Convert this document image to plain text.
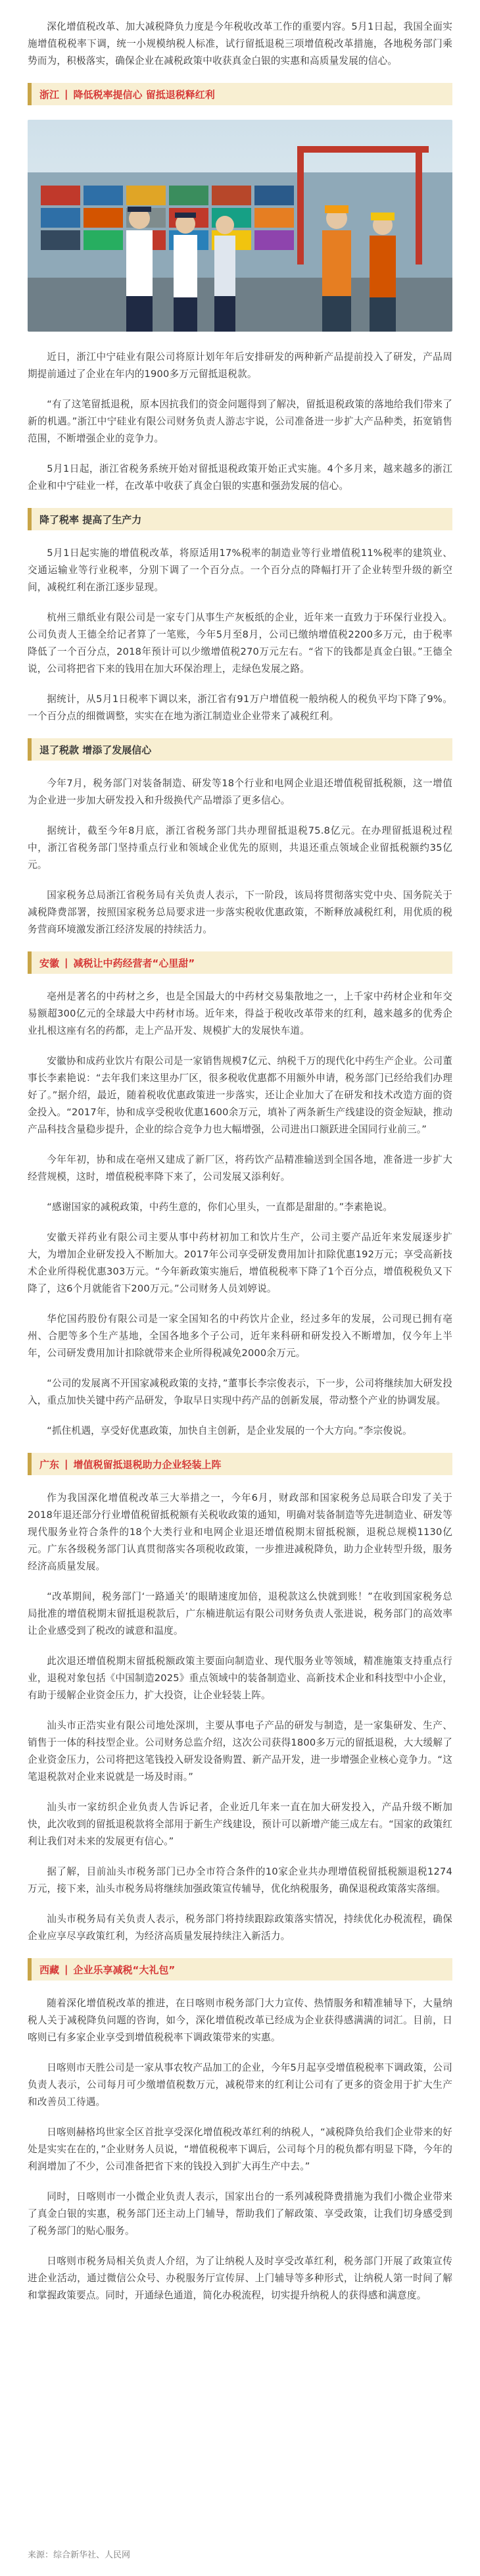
深化增值税改革、加大减税降负力度是今年税收改革工作的重要内容。5月1日起，我国全面实施增值税税率下调，统一小规模纳税人标准，试行留抵退税三项增值税改革措施，各地税务部门乘势而为，积极落实，确保企业在减税政策中收获真金白银的实惠和高质量发展的信心。

浙江 | 降低税率提信心 留抵退税释红利

近日，浙江中宁硅业有限公司将原计划年年后安排研发的两种新产品提前投入了研发，产品周期提前通过了企业在年内的1900多万元留抵退税款。

“有了这笔留抵退税，原本因抗我们的资金问题得到了解决，留抵退税政策的落地给我们带来了新的机遇。”浙江中宁硅业有限公司财务负责人游志宇说，公司准备进一步扩大产品种类，拓宽销售范围，不断增强企业的竞争力。

5月1日起，浙江省税务系统开始对留抵退税政策开始正式实施。4个多月来，越来越多的浙江企业和中宁硅业一样，在改革中收获了真金白银的实惠和强劲发展的信心。

降了税率 提高了生产力

5月1日起实施的增值税改革，将原适用17%税率的制造业等行业增值税11%税率的建筑业、交通运输业等行业税率，分别下调了一个百分点。一个百分点的降幅打开了企业转型升级的新空间，减税红利在浙江逐步显现。

杭州三鼎纸业有限公司是一家专门从事生产灰板纸的企业，近年来一直致力于环保行业投入。公司负责人王德全给记者算了一笔账，今年5月至8月，公司已缴纳增值税2200多万元，由于税率降低了一个百分点，2018年预计可以少缴增值税270万元左右。“省下的钱都是真金白银。”王德全说，公司将把省下来的钱用在加大环保治理上，走绿色发展之路。

据统计，从5月1日税率下调以来，浙江省有91万户增值税一般纳税人的税负平均下降了9%。一个百分点的细微调整，实实在在地为浙江制造业企业带来了减税红利。

退了税款 增添了发展信心

今年7月，税务部门对装备制造、研发等18个行业和电网企业退还增值税留抵税额，这一增值为企业进一步加大研发投入和升级换代产品增添了更多信心。

据统计，截至今年8月底，浙江省税务部门共办理留抵退税75.8亿元。在办理留抵退税过程中，浙江省税务部门坚持重点行业和领域企业优先的原则，共退还重点领域企业留抵税额约35亿元。

国家税务总局浙江省税务局有关负责人表示，下一阶段，该局将贯彻落实党中央、国务院关于减税降费部署，按照国家税务总局要求进一步落实税收优惠政策，不断释放减税红利，用优质的税务营商环境激发浙江经济发展的持续活力。

安徽 | 减税让中药经营者“心里甜”

亳州是著名的中药材之乡，也是全国最大的中药材交易集散地之一，上千家中药材企业和年交易额超300亿元的全球最大中药材市场。近年来，得益于税收改革带来的红利，越来越多的优秀企业扎根这座有名的药都，走上产品开发、规模扩大的发展快车道。

安徽协和成药业饮片有限公司是一家销售规模7亿元、纳税千万的现代化中药生产企业。公司董事长李素艳说：“去年我们来这里办厂区，很多税收优惠都不用额外申请，税务部门已经给我们办理好了。”据介绍，最近，随着税收优惠政策进一步落实，还让企业加大了在研发和技术改造方面的资金投入。“2017年，协和成享受税收优惠1600余万元，填补了两条新生产线建设的资金短缺，推动产品科技含量稳步提升，企业的综合竞争力也大幅增强，公司进出口额跃进全国同行业前三。”

今年年初，协和成在亳州又建成了新厂区，将药饮产品精准输送到全国各地，准备进一步扩大经营规模，这时，增值税税率降下来了，公司发展又添利好。

“感谢国家的减税政策，中药生意的，你们心里头，一直都是甜甜的。”李素艳说。

安徽天祥药业有限公司主要从事中药材初加工和饮片生产，公司主要产品近年来发展逐步扩大，为增加企业研发投入不断加大。2017年公司享受研发费用加计扣除优惠192万元；享受高新技术企业所得税优惠303万元。“今年新政策实施后，增值税税率下降了1个百分点，增值税税负又下降了，这6个月就能省下200万元。”公司财务人员刘婷说。

华佗国药股份有限公司是一家全国知名的中药饮片企业，经过多年的发展，公司现已拥有亳州、合肥等多个生产基地，全国各地多个子公司，近年来科研和研发投入不断增加，仅今年上半年，公司研发费用加计扣除就带来企业所得税减免2000余万元。

“公司的发展离不开国家减税政策的支持，”董事长李宗俊表示，下一步，公司将继续加大研发投入，重点加快关键中药产品研发，争取早日实现中药产品的创新发展，带动整个产业的协调发展。

“抓住机遇，享受好优惠政策，加快自主创新，是企业发展的一个大方向。”李宗俊说。

广东 | 增值税留抵退税助力企业轻装上阵

作为我国深化增值税改革三大举措之一，今年6月，财政部和国家税务总局联合印发了关于2018年退还部分行业增值税留抵税额有关税收政策的通知，明确对装备制造等先进制造业、研发等现代服务业符合条件的18个大类行业和电网企业退还增值税期末留抵税额，退税总规模1130亿元。广东各级税务部门认真贯彻落实各项税收政策，一步推进减税降负，助力企业转型升级，服务经济高质量发展。

“改革期间，税务部门‘一路通关’的眼睛速度加倍，退税款这么快就到账！”在收到国家税务总局批准的增值税期末留抵退税款后，广东楠进航运有限公司财务负责人张进说，税务部门的高效率让企业感受到了税改的诚意和温度。

此次退还增值税期末留抵税额政策主要面向制造业、现代服务业等领域，精准施策支持重点行业，退税对象包括《中国制造2025》重点领域中的装备制造业、高新技术企业和科技型中小企业，有助于缓解企业资金压力，扩大投资，让企业轻装上阵。

汕头市正浩实业有限公司地处深圳，主要从事电子产品的研发与制造，是一家集研发、生产、销售于一体的科技型企业。公司财务总监介绍，这次公司获得1800多万元的留抵退税，大大缓解了企业资金压力，公司将把这笔钱投入研发设备购置、新产品开发，进一步增强企业核心竞争力。“这笔退税款对企业来说就是一场及时雨。”

汕头市一家纺织企业负责人告诉记者，企业近几年来一直在加大研发投入，产品升级不断加快，此次收到的留抵退税款将全部用于新生产线建设，预计可以新增产能三成左右。“国家的政策红利让我们对未来的发展更有信心。”

据了解，目前汕头市税务部门已办全市符合条件的10家企业共办理增值税留抵税额退税1274万元，接下来，汕头市税务局将继续加强政策宣传辅导，优化纳税服务，确保退税政策落实落细。

汕头市税务局有关负责人表示，税务部门将持续跟踪政策落实情况，持续优化办税流程，确保企业应享尽享政策红利，为经济高质量发展持续注入新活力。

西藏 | 企业乐享减税“大礼包”

随着深化增值税改革的推进，在日喀则市税务部门大力宣传、热情服务和精准辅导下，大量纳税人关于减税降负问题的咨询，如今，深化增值税改革已经成为企业获得感满满的词汇。目前，日喀则已有多家企业享受到增值税税率下调政策带来的实惠。

日喀则市天胜公司是一家从事农牧产品加工的企业，今年5月起享受增值税税率下调政策，公司负责人表示，公司每月可少缴增值税数万元，减税带来的红利让公司有了更多的资金用于扩大生产和改善员工待遇。

日喀则赫格坞世家全区首批享受深化增值税改革红利的纳税人，“减税降负给我们企业带来的好处是实实在在的，”企业财务人员说，“增值税税率下调后，公司每个月的税负都有明显下降，今年的利润增加了不少，公司准备把省下来的钱投入到扩大再生产中去。”

同时，日喀则市一小微企业负责人表示，国家出台的一系列减税降费措施为我们小微企业带来了真金白银的实惠，税务部门还主动上门辅导，帮助我们了解政策、享受政策，让我们切身感受到了税务部门的贴心服务。

日喀则市税务局相关负责人介绍，为了让纳税人及时享受改革红利，税务部门开展了政策宣传进企业活动，通过微信公众号、办税服务厅宣传屏、上门辅导等多种形式，让纳税人第一时间了解和掌握政策要点。同时，开通绿色通道，简化办税流程，切实提升纳税人的获得感和满意度。

来源：综合新华社、人民网
